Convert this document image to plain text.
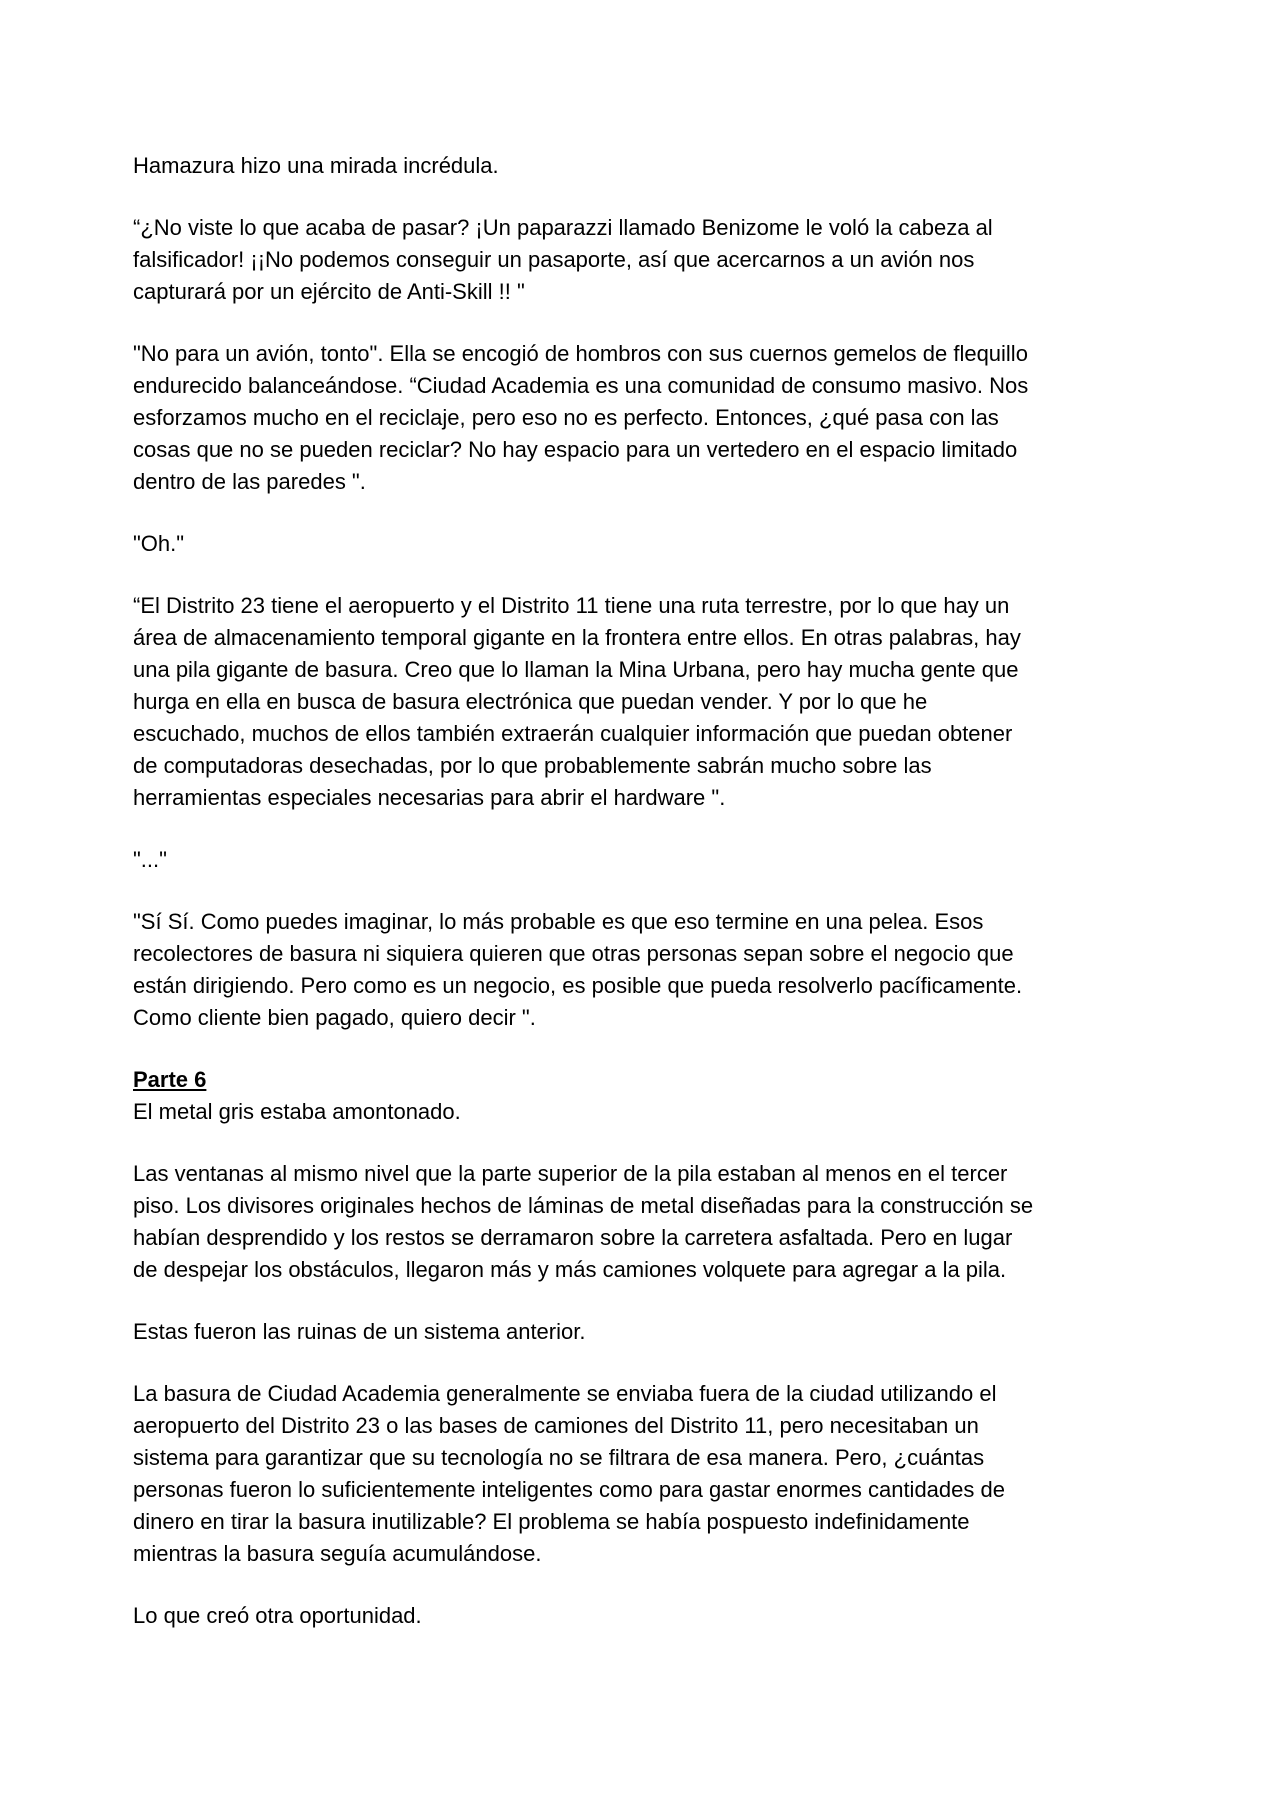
Hamazura hizo una mirada incrédula.
“¿No viste lo que acaba de pasar? ¡Un paparazzi llamado Benizome le voló la cabeza al
falsificador! ¡¡No podemos conseguir un pasaporte, así que acercarnos a un avión nos
capturará por un ejército de Anti-Skill !! "
"No para un avión, tonto". Ella se encogió de hombros con sus cuernos gemelos de flequillo
endurecido balanceándose. “Ciudad Academia es una comunidad de consumo masivo. Nos
esforzamos mucho en el reciclaje, pero eso no es perfecto. Entonces, ¿qué pasa con las
cosas que no se pueden reciclar? No hay espacio para un vertedero en el espacio limitado
dentro de las paredes ".
"Oh."
“El Distrito 23 tiene el aeropuerto y el Distrito 11 tiene una ruta terrestre, por lo que hay un
área de almacenamiento temporal gigante en la frontera entre ellos. En otras palabras, hay
una pila gigante de basura. Creo que lo llaman la Mina Urbana, pero hay mucha gente que
hurga en ella en busca de basura electrónica que puedan vender. Y por lo que he
escuchado, muchos de ellos también extraerán cualquier información que puedan obtener
de computadoras desechadas, por lo que probablemente sabrán mucho sobre las
herramientas especiales necesarias para abrir el hardware ".
"..."
"Sí Sí. Como puedes imaginar, lo más probable es que eso termine en una pelea. Esos
recolectores de basura ni siquiera quieren que otras personas sepan sobre el negocio que
están dirigiendo. Pero como es un negocio, es posible que pueda resolverlo pacíficamente.
Como cliente bien pagado, quiero decir ".
Parte 6
El metal gris estaba amontonado.
Las ventanas al mismo nivel que la parte superior de la pila estaban al menos en el tercer
piso. Los divisores originales hechos de láminas de metal diseñadas para la construcción se
habían desprendido y los restos se derramaron sobre la carretera asfaltada. Pero en lugar
de despejar los obstáculos, llegaron más y más camiones volquete para agregar a la pila.
Estas fueron las ruinas de un sistema anterior.
La basura de Ciudad Academia generalmente se enviaba fuera de la ciudad utilizando el
aeropuerto del Distrito 23 o las bases de camiones del Distrito 11, pero necesitaban un
sistema para garantizar que su tecnología no se filtrara de esa manera. Pero, ¿cuántas
personas fueron lo suficientemente inteligentes como para gastar enormes cantidades de
dinero en tirar la basura inutilizable? El problema se había pospuesto indefinidamente
mientras la basura seguía acumulándose.
Lo que creó otra oportunidad.
